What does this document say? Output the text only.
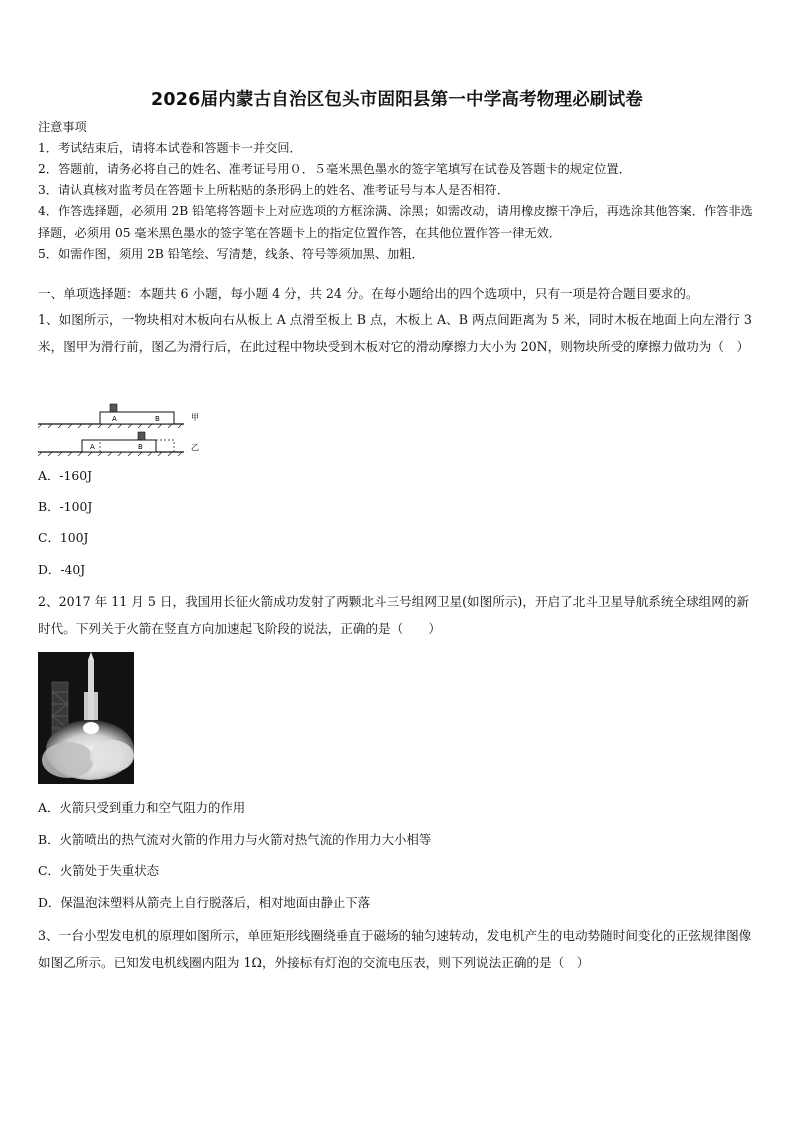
2026届内蒙古自治区包头市固阳县第一中学高考物理必刷试卷

注意事项

1．考试结束后，请将本试卷和答题卡一并交回．

2．答题前，请务必将自己的姓名、准考证号用０．５毫米黑色墨水的签字笔填写在试卷及答题卡的规定位置．

3．请认真核对监考员在答题卡上所粘贴的条形码上的姓名、准考证号与本人是否相符．

4．作答选择题，必须用 2B 铅笔将答题卡上对应选项的方框涂满、涂黑；如需改动，请用橡皮擦干净后，再选涂其他答案．作答非选择题，必须用 05 毫米黑色墨水的签字笔在答题卡上的指定位置作答，在其他位置作答一律无效．

5．如需作图，须用 2B 铅笔绘、写清楚，线条、符号等须加黑、加粗．

一、单项选择题：本题共 6 小题，每小题 4 分，共 24 分。在每小题给出的四个选项中，只有一项是符合题目要求的。
1、如图所示，一物块相对木板向右从板上 A 点滑至板上 B 点，木板上 A、B 两点间距离为 5 米，同时木板在地面上向左滑行 3 米，图甲为滑行前，图乙为滑行后，在此过程中物块受到木板对它的滑动摩擦力大小为 20N，则物块所受的摩擦力做功为（　）
A	B	甲
A	B	乙
A．-160J
B．-100J
C．100J
D．-40J
2、2017 年 11 月 5 日，我国用长征火箭成功发射了两颗北斗三号组网卫星(如图所示)，开启了北斗卫星导航系统全球组网的新时代。下列关于火箭在竖直方向加速起飞阶段的说法，正确的是（　　）
A．火箭只受到重力和空气阻力的作用
B．火箭喷出的热气流对火箭的作用力与火箭对热气流的作用力大小相等
C．火箭处于失重状态
D．保温泡沫塑料从箭壳上自行脱落后，相对地面由静止下落
3、一台小型发电机的原理如图所示，单匝矩形线圈绕垂直于磁场的轴匀速转动，发电机产生的电动势随时间变化的正弦规律图像如图乙所示。已知发电机线圈内阻为 1Ω，外接标有灯泡的交流电压表，则下列说法正确的是（　）
